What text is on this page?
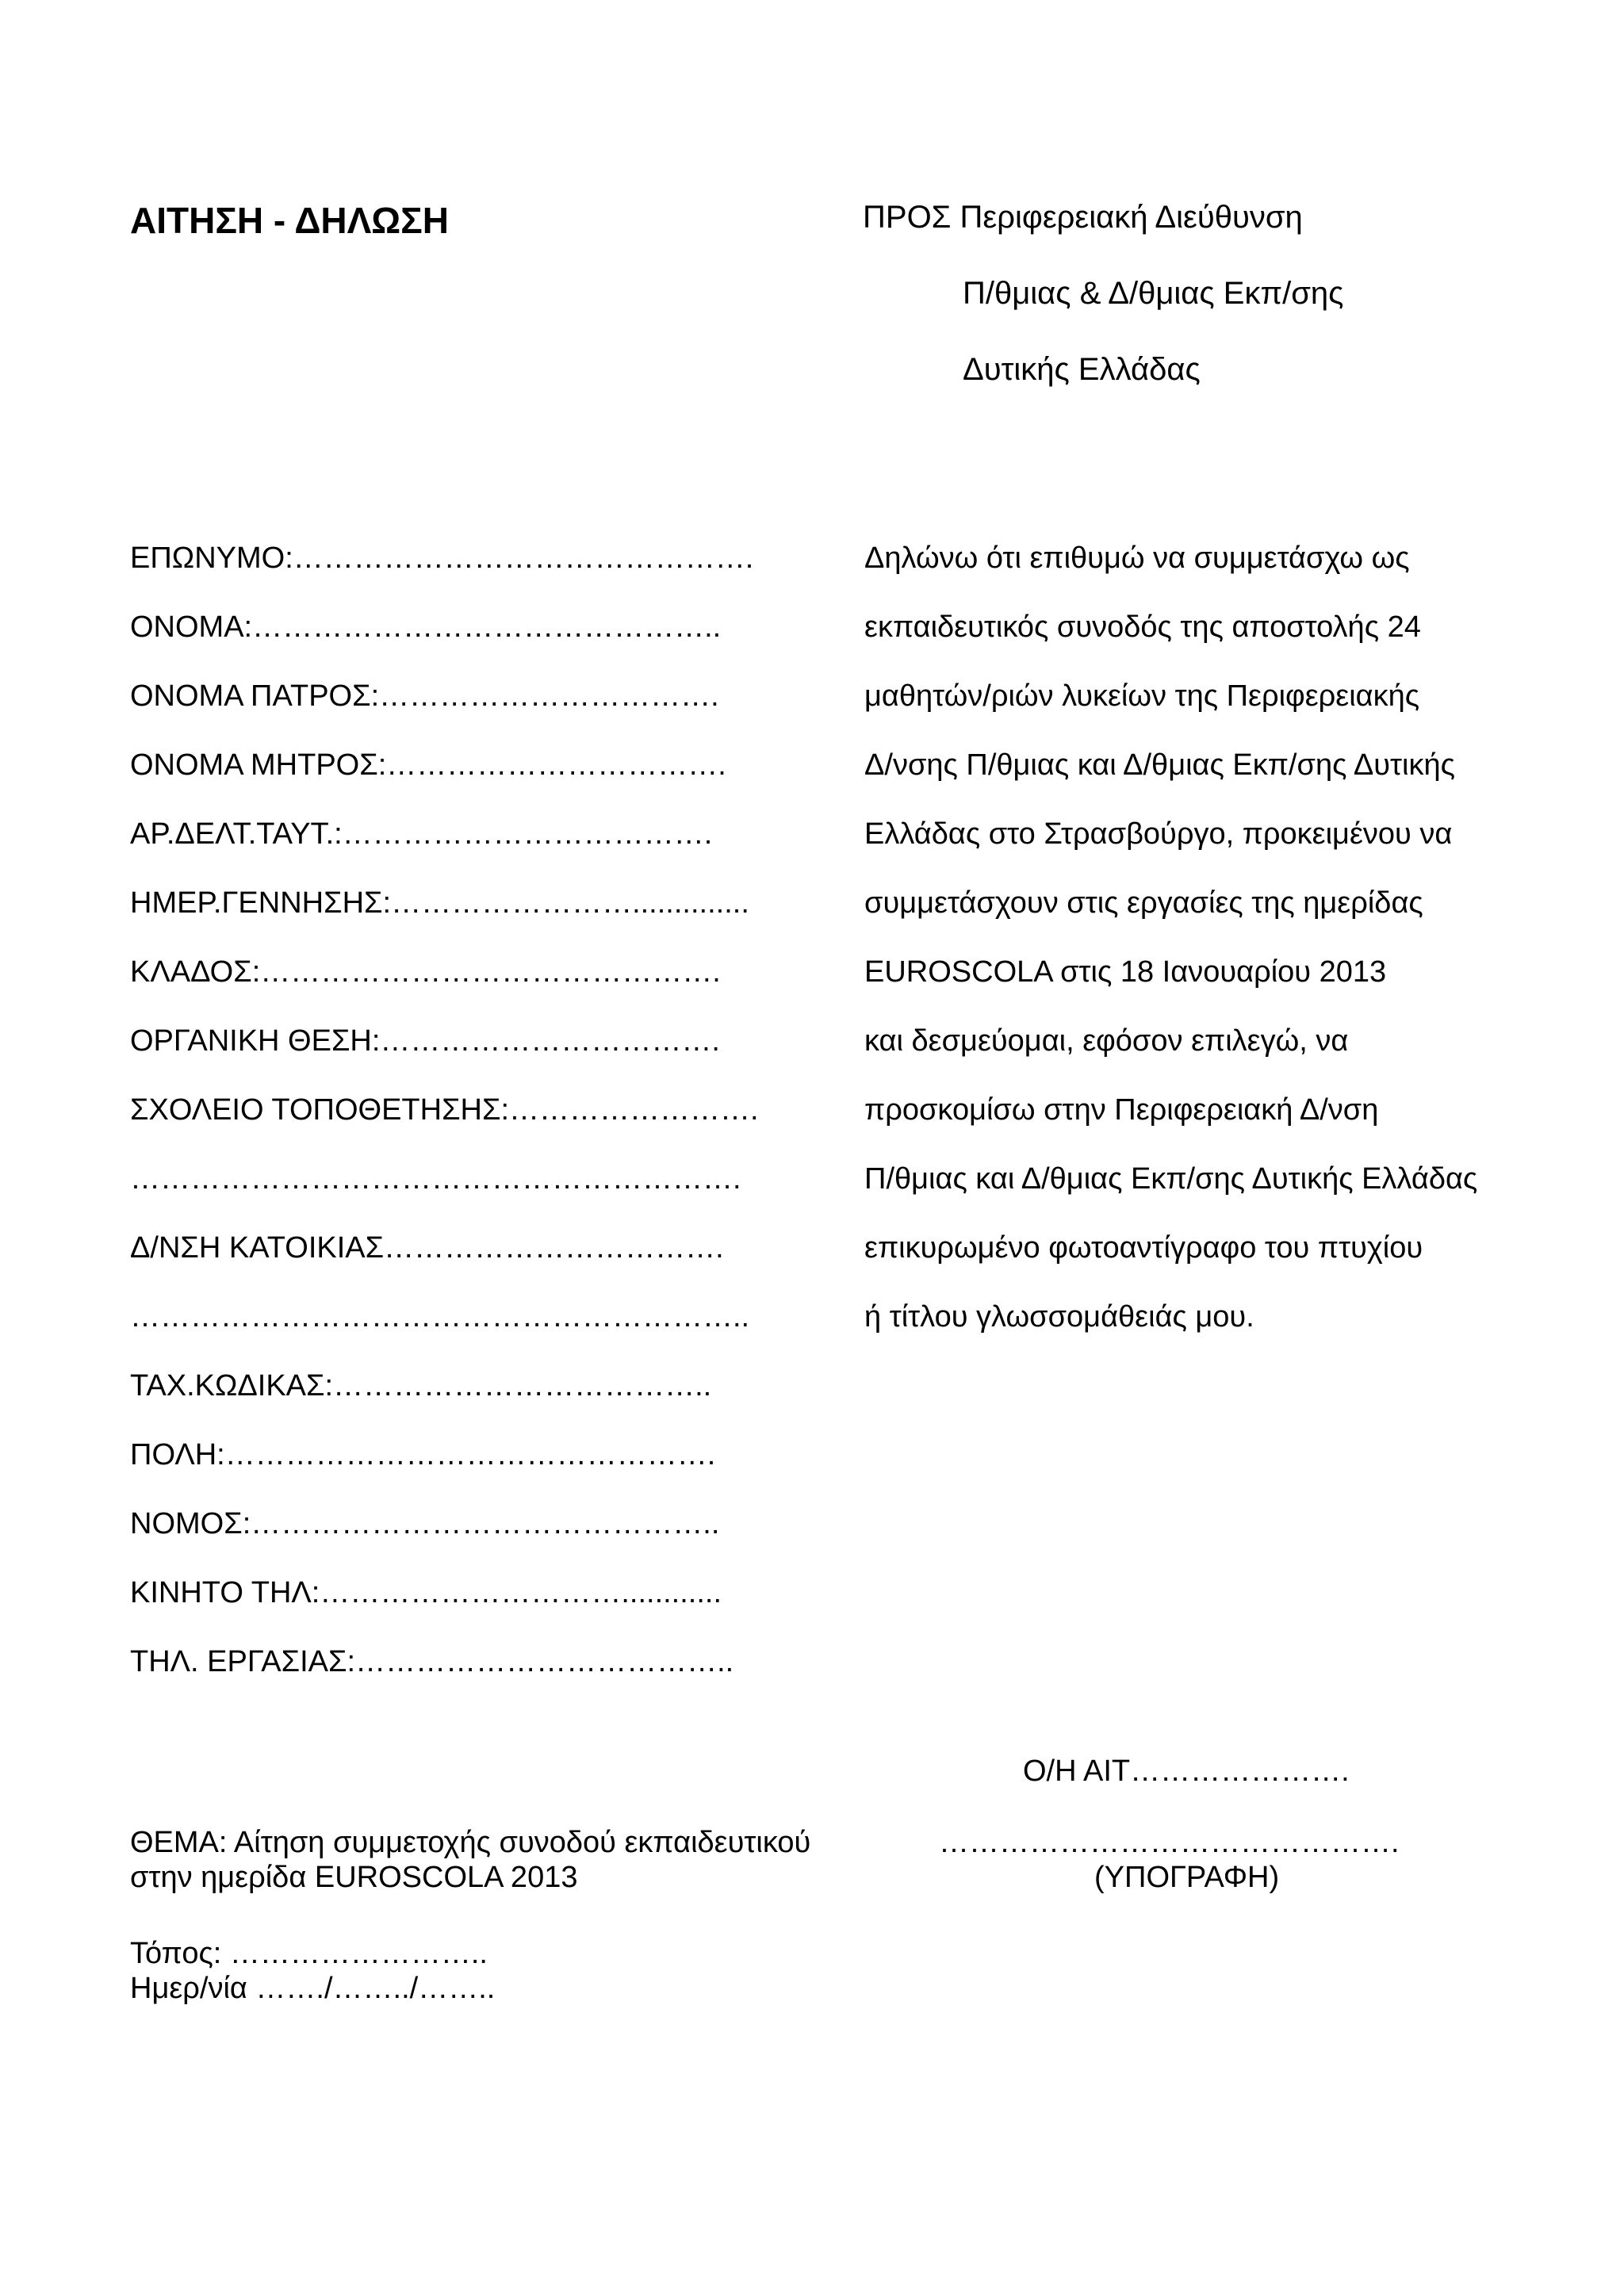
ΑΙΤΗΣΗ - ΔΗΛΩΣΗ	ΠΡΟΣ Περιφερειακή Διεύθυνση
Π/θμιας & Δ/θμιας Εκπ/σης
Δυτικής Ελλάδας
ΕΠΩΝΥΜΟ:……………………………………….
ΟΝΟΜΑ:………………………………………..
ΟΝΟΜΑ ΠΑΤΡΟΣ:…………………………….
ΟΝΟΜΑ ΜΗΤΡΟΣ:…………………………….
ΑΡ.ΔΕΛΤ.ΤΑΥΤ.:……………………………….
ΗΜΕΡ.ΓΕΝΝΗΣΗΣ:……………………..............
ΚΛΑΔΟΣ:……………………………………….
ΟΡΓΑΝΙΚΗ ΘΕΣΗ:…………………………….
ΣΧΟΛΕΙΟ ΤΟΠΟΘΕΤΗΣΗΣ:…………………….
…………………………………………………….
Δ/ΝΣΗ ΚΑΤΟΙΚΙΑΣ…………………………….
……………………………………………………..
ΤΑΧ.ΚΩΔΙΚΑΣ:………………………………..
ΠΟΛΗ:………………………………………….
ΝΟΜΟΣ:………………………………………..
ΚΙΝΗΤΟ ΤΗΛ:…………………………............
ΤΗΛ. ΕΡΓΑΣΙΑΣ:………………………………..
Δηλώνω ότι επιθυμώ να συμμετάσχω ως
εκπαιδευτικός συνοδός της αποστολής 24
μαθητών/ριών λυκείων της Περιφερειακής
Δ/νσης Π/θμιας και Δ/θμιας Εκπ/σης Δυτικής
Ελλάδας στο Στρασβούργο, προκειμένου να
συμμετάσχουν στις εργασίες της ημερίδας
EUROSCOLA στις 18 Ιανουαρίου 2013
και δεσμεύομαι, εφόσον επιλεγώ, να
προσκομίσω στην Περιφερειακή Δ/νση
Π/θμιας και Δ/θμιας Εκπ/σης Δυτικής Ελλάδας
επικυρωμένο φωτοαντίγραφο του πτυχίου
ή τίτλου γλωσσομάθειάς μου.
Ο/Η ΑΙΤ………………….
……………………………………….
(ΥΠΟΓΡΑΦΗ)
ΘΕΜΑ: Αίτηση συμμετοχής συνοδού εκπαιδευτικού
στην ημερίδα EUROSCOLA 2013
Τόπος: ……………………..
Ημερ/νία ……./……../……..
